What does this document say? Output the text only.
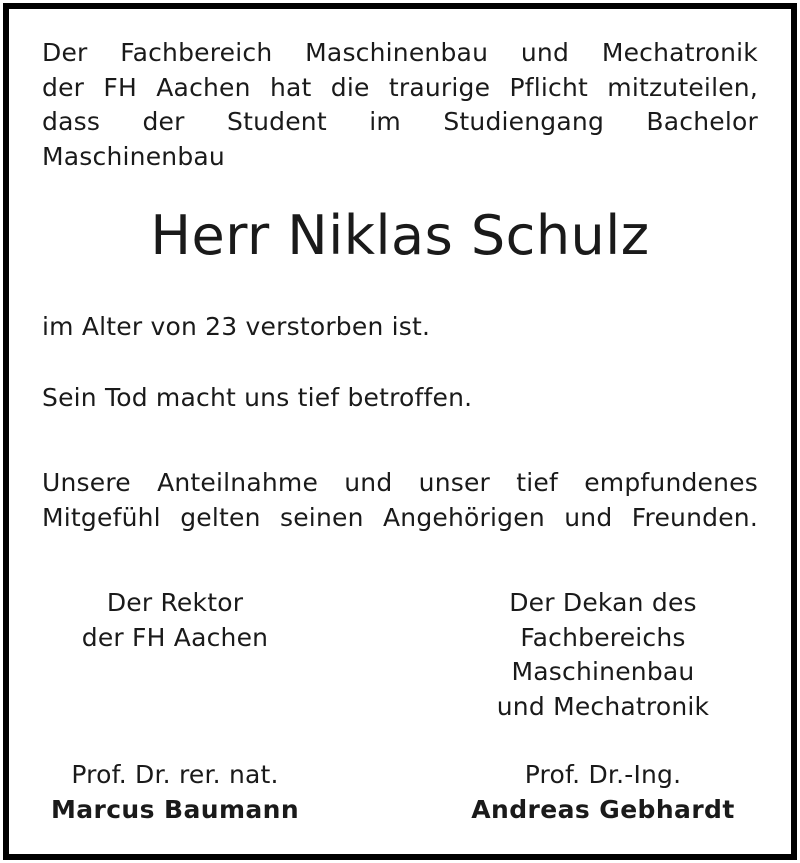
Der Fachbereich Maschinenbau und Mechatronik
der FH Aachen hat die traurige Pflicht mitzuteilen,
dass der Student im Studiengang Bachelor
Maschinenbau
Herr Niklas Schulz
im Alter von 23 verstorben ist.
Sein Tod macht uns tief betroffen.
Unsere Anteilnahme und unser tief empfundenes
Mitgefühl gelten seinen Angehörigen und Freunden.
Der Rektor
der FH Aachen
Der Dekan des
Fachbereichs
Maschinenbau
und Mechatronik
Prof. Dr. rer. nat.
Marcus Baumann
Prof. Dr.-Ing.
Andreas Gebhardt
